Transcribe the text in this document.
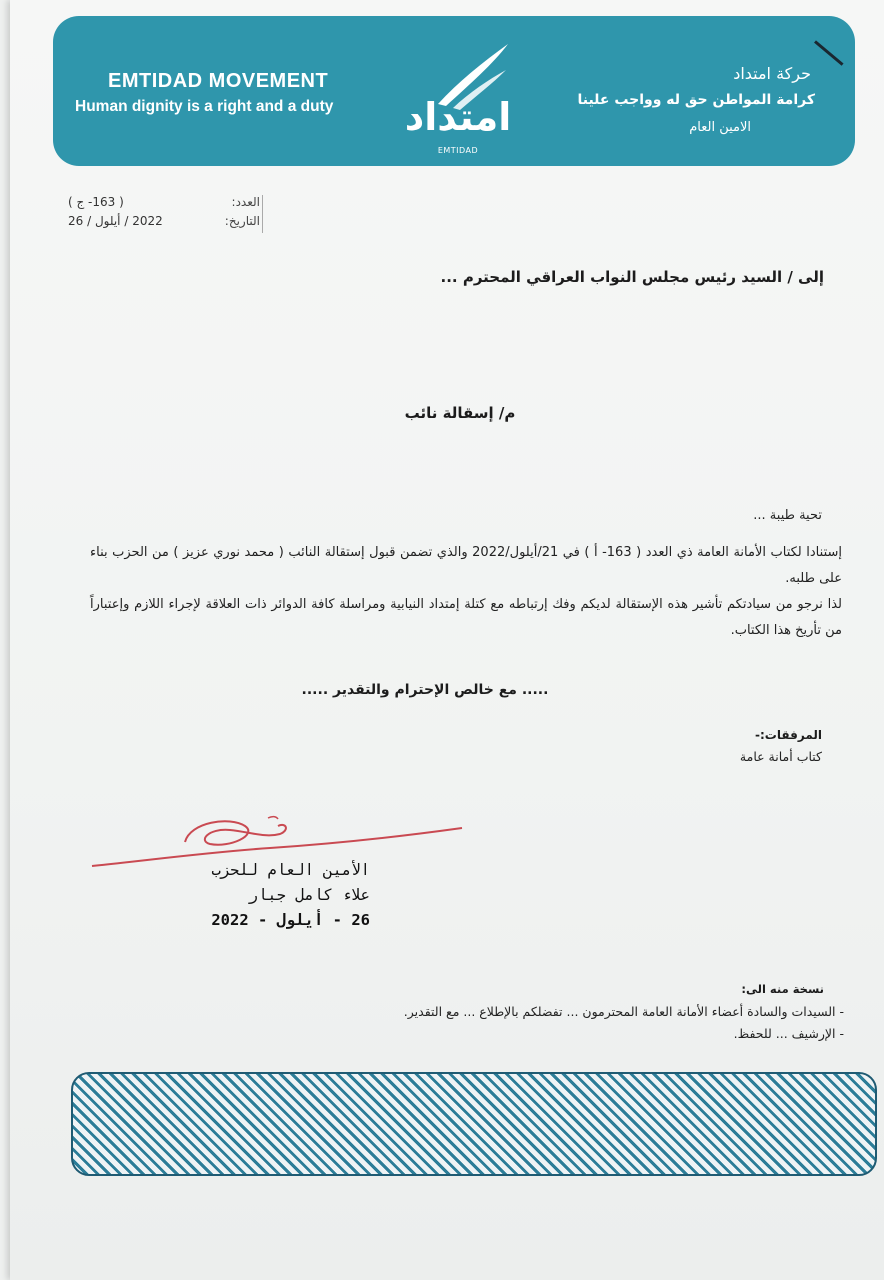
EMTIDAD MOVEMENT
Human dignity is a right and a duty امتداد
EMTIDAD
حركة امتداد
كرامة المواطن حق له وواجب علينا
الامين العام
( 163- ج )
2022 / أيلول / 26
العدد:
التاريخ:
إلى / السيد رئيس مجلس النواب العراقي المحترم ...
م/ إسقالة نائب
تحية طيبة ...

إستنادا لكتاب الأمانة العامة ذي العدد ( 163- أ ) في 21/أيلول/2022 والذي تضمن قبول إستقالة النائب ( محمد نوري عزيز ) من الحزب بناء على طلبه.

لذا نرجو من سيادتكم تأشير هذه الإستقالة لديكم وفك إرتباطه مع كتلة إمتداد النيابية ومراسلة كافة الدوائر ذات العلاقة لإجراء اللازم وإعتباراً من تأريخ هذا الكتاب.

..... مع خالص الإحترام والتقدير .....
المرفقات:-
كتاب أمانة عامة
الأمين العام للحزب
علاء كامل جبار
26 - أيلول - 2022
نسخة منه الى:
- السيدات والسادة أعضاء الأمانة العامة المحترمون ... تفضلكم بالإطلاع ... مع التقدير.
- الإرشيف ... للحفظ.
